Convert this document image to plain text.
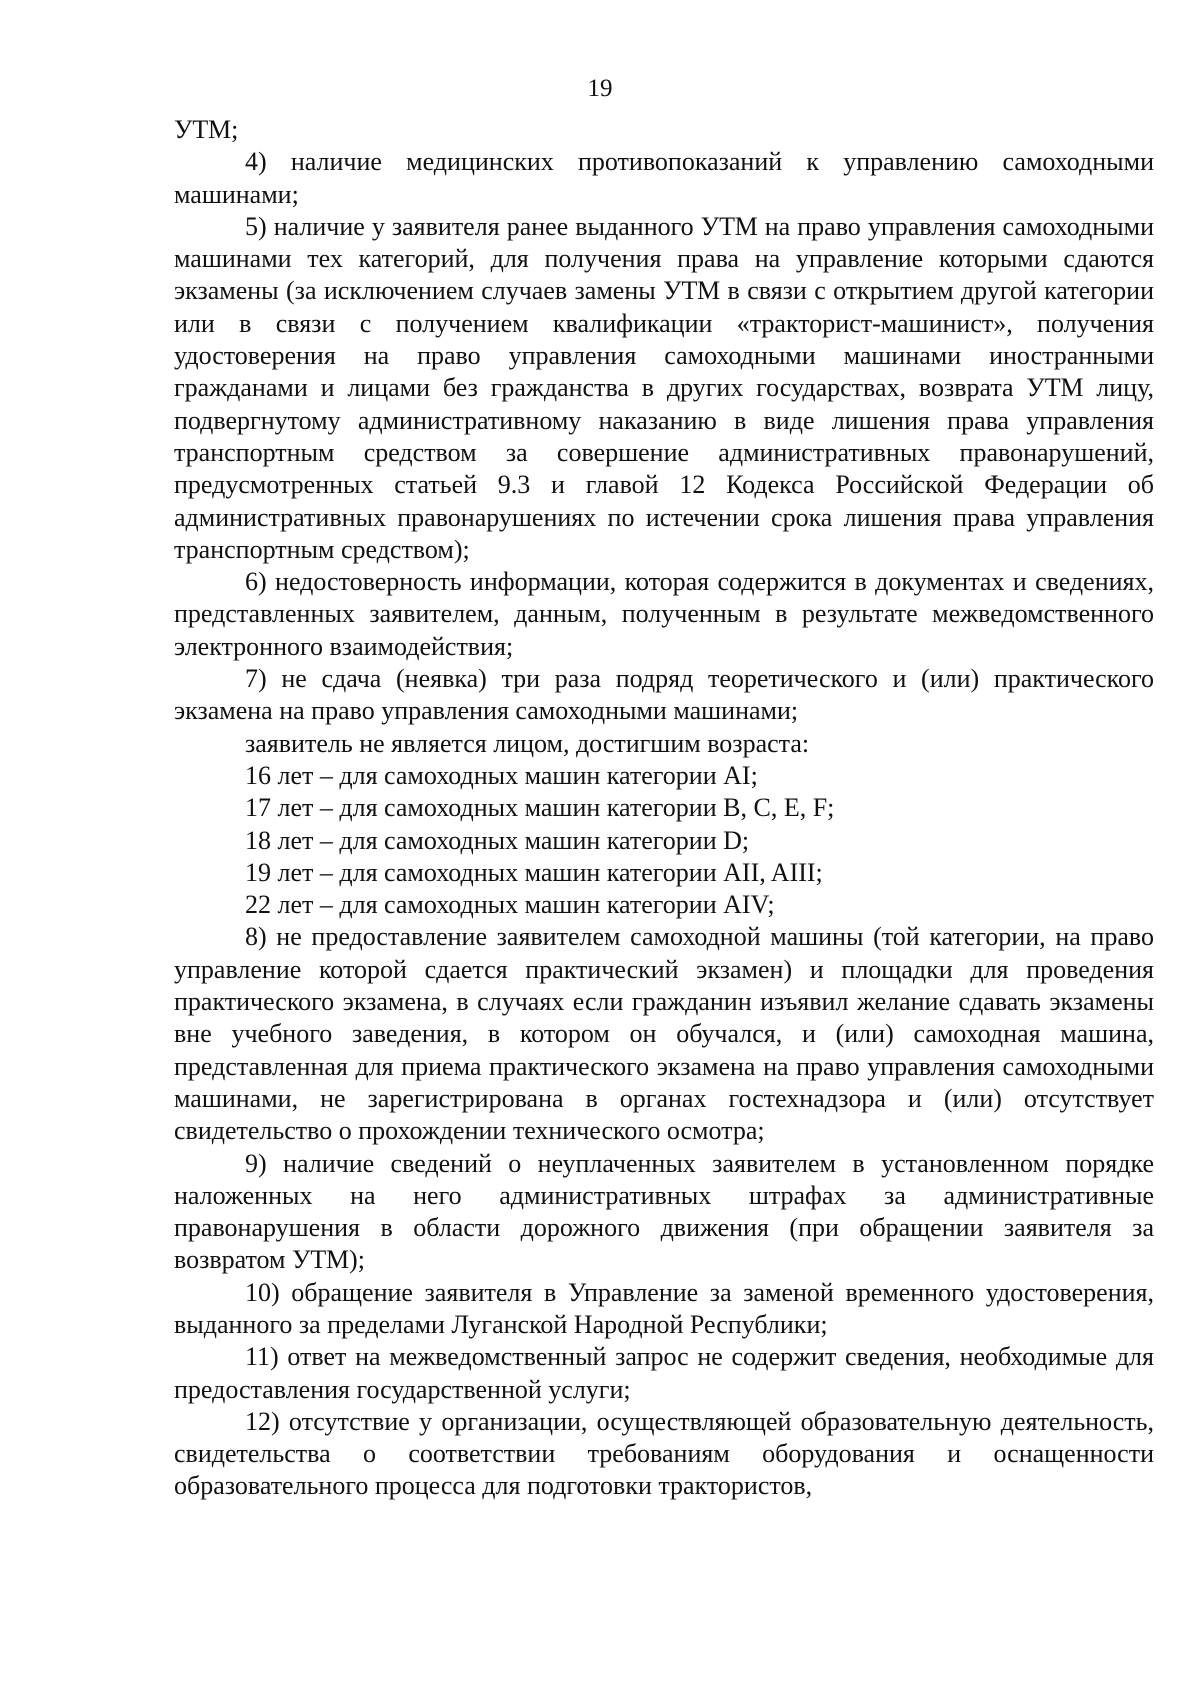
19

УТМ;

4) наличие медицинских противопоказаний к управлению самоходными машинами;

5) наличие у заявителя ранее выданного УТМ на право управления самоходными машинами тех категорий, для получения права на управление которыми сдаются экзамены (за исключением случаев замены УТМ в связи с открытием другой категории или в связи с получением квалификации «тракторист-машинист», получения удостоверения на право управления самоходными машинами иностранными гражданами и лицами без гражданства в других государствах, возврата УТМ лицу, подвергнутому административному наказанию в виде лишения права управления транспортным средством за совершение административных правонарушений, предусмотренных статьей 9.3 и главой 12 Кодекса Российской Федерации об административных правонарушениях по истечении срока лишения права управления транспортным средством);

6) недостоверность информации, которая содержится в документах и сведениях, представленных заявителем, данным, полученным в результате межведомственного электронного взаимодействия;

7) не сдача (неявка) три раза подряд теоретического и (или) практического экзамена на право управления самоходными машинами;

заявитель не является лицом, достигшим возраста:

16 лет – для самоходных машин категории AI;

17 лет – для самоходных машин категории B, C, E, F;

18 лет – для самоходных машин категории D;

19 лет – для самоходных машин категории AII, AIII;

22 лет – для самоходных машин категории AIV;

8) не предоставление заявителем самоходной машины (той категории, на право управление которой сдается практический экзамен) и площадки для проведения практического экзамена, в случаях если гражданин изъявил желание сдавать экзамены вне учебного заведения, в котором он обучался, и (или) самоходная машина, представленная для приема практического экзамена на право управления самоходными машинами, не зарегистрирована в органах гостехнадзора и (или) отсутствует свидетельство о прохождении технического осмотра;

9) наличие сведений о неуплаченных заявителем в установленном порядке наложенных на него административных штрафах за административные правонарушения в области дорожного движения (при обращении заявителя за возвратом УТМ);

10) обращение заявителя в Управление за заменой временного удостоверения, выданного за пределами Луганской Народной Республики;

11) ответ на межведомственный запрос не содержит сведения, необходимые для предоставления государственной услуги;

12) отсутствие у организации, осуществляющей образовательную деятельность, свидетельства о соответствии требованиям оборудования и оснащенности образовательного процесса для подготовки трактористов,
